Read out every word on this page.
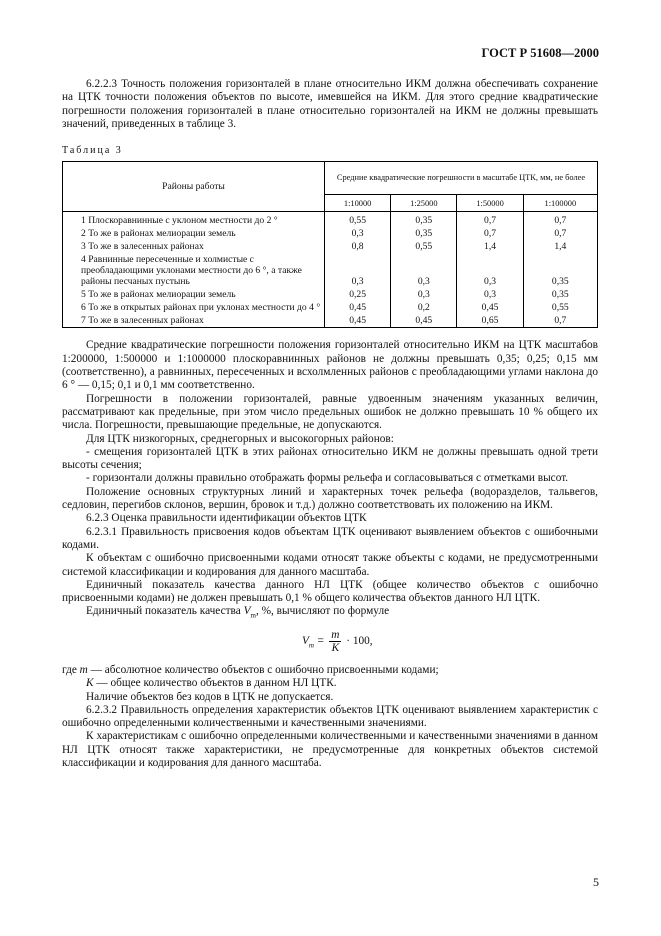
ГОСТ Р 51608—2000

6.2.2.3 Точность положения горизонталей в плане относительно ИКМ должна обеспечивать сохранение на ЦТК точности положения объектов по высоте, имевшейся на ИКМ. Для этого средние квадратические погрешности положения горизонталей в плане относительно горизонталей на ИКМ не должны превышать значений, приведенных в таблице 3.

Таблица 3
Районы работы	Средние квадратические погрешности в масштабе ЦТК, мм, не более			
	1:10000	1:25000	1:50000	1:100000
1 Плоскоравнинные с уклоном местности до 2 °	0,55	0,35	0,7	0,7
2 То же в районах мелиорации земель	0,3	0,35	0,7	0,7
3 То же в залесенных районах	0,8	0,55	1,4	1,4
4 Равнинные пересеченные и холмистые с преобладающими уклонами местности до 6 °, а также районы песчаных пустынь	0,3	0,3	0,3	0,35
5 То же в районах мелиорации земель	0,25	0,3	0,3	0,35
6 То же в открытых районах при уклонах местности до 4 °	0,45	0,2	0,45	0,55
7 То же в залесенных районах	0,45	0,45	0,65	0,7

Средние квадратические погрешности положения горизонталей относительно ИКМ на ЦТК масштабов 1:200000, 1:500000 и 1:1000000 плоскоравнинных районов не должны превышать 0,35; 0,25; 0,15 мм (соответственно), а равнинных, пересеченных и всхолмленных районов с преобладающими углами наклона до 6 ° — 0,15; 0,1 и 0,1 мм соответственно.

Погрешности в положении горизонталей, равные удвоенным значениям указанных величин, рассматривают как предельные, при этом число предельных ошибок не должно превышать 10 % общего их числа. Погрешности, превышающие предельные, не допускаются.

Для ЦТК низкогорных, среднегорных и высокогорных районов:

- смещения горизонталей ЦТК в этих районах относительно ИКМ не должны превышать одной трети высоты сечения;

- горизонтали должны правильно отображать формы рельефа и согласовываться с отметками высот.

Положение основных структурных линий и характерных точек рельефа (водоразделов, тальвегов, седловин, перегибов склонов, вершин, бровок и т.д.) должно соответствовать их положению на ИКМ.

6.2.3 Оценка правильности идентификации объектов ЦТК

6.2.3.1 Правильность присвоения кодов объектам ЦТК оценивают выявлением объектов с ошибочными кодами.

К объектам с ошибочно присвоенными кодами относят также объекты с кодами, не предусмотренными системой классификации и кодирования для данного масштаба.

Единичный показатель качества данного НЛ ЦТК (общее количество объектов с ошибочно присвоенными кодами) не должен превышать 0,1 % общего количества объектов данного НЛ ЦТК.

Единичный показатель качества $V_m$, %, вычисляют по формуле

$V_m = \frac{m}{K} \cdot 100$,

где m — абсолютное количество объектов с ошибочно присвоенными кодами;

K — общее количество объектов в данном НЛ ЦТК.

Наличие объектов без кодов в ЦТК не допускается.

6.2.3.2 Правильность определения характеристик объектов ЦТК оценивают выявлением характеристик с ошибочно определенными количественными и качественными значениями.

К характеристикам с ошибочно определенными количественными и качественными значениями в данном НЛ ЦТК относят также характеристики, не предусмотренные для конкретных объектов системой классификации и кодирования для данного масштаба.

5
